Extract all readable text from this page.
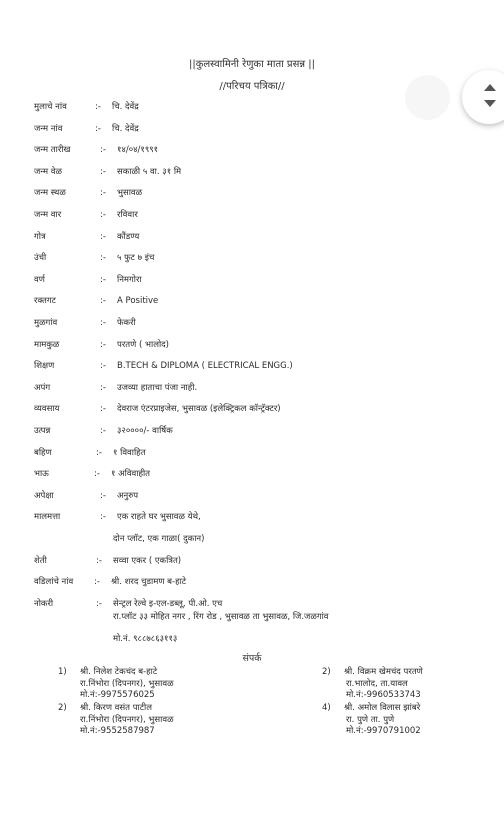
||कुलस्वामिनी रेणुका माता प्रसन्न ||
//परिचय पत्रिका//
मुलाचे नांव	:- चि. देवेंद्र
जन्म नांव	:- चि. देवेंद्र
जन्म तारीख	:- १४/०४/१९९१
जन्म वेळ	:- सकाळी ५ वा. ३१ मि
जन्म स्थळ	:- भुसावळ
जन्म वार	:- रविवार
गोत्र	:- कौंडण्य
उंची	:- ५ फुट ७ इंच
वर्ण	:- निमगोरा
रक्तगट	:- A Positive
मुळगांव	:- फेकरी
मामकुळ	:- परतणे ( भालोद)
शिक्षण	:- B.TECH & DIPLOMA ( ELECTRICAL ENGG.)
अपंग	:- उजव्या हाताचा पंजा नाही.
व्यवसाय	:- देवराज एंटरप्राइजेस, भुसावळ (इलेक्ट्रिकल कॉन्ट्रॅक्टर)
उत्पन्न	:- ३२००००/- वार्षिक
बहिण	:- १ विवाहित
भाऊ	:- १ अविवाहीत
अपेक्षा	:- अनुरुप
मालमत्ता	:- एक राहते घर भुसावळ येथे,
दोन प्लॉट, एक गाळा( दुकान)
शेती	:- सव्वा एकर ( एकत्रित)
वडिलांचे नांव :- श्री. शरद चुडामण ब-हाटे
नोकरी	:- सेन्ट्रल रेल्वे इ-एल-डब्लू, पी.ओ. एच
रा.प्लॉट ३३ मोहित नगर , रिंग रोड , भुसावळ ता भुसावळ, जि.जळगांव
मो.नं. ९८८७८६३११३
संपर्क
1) श्री. निलेश टेकचंद ब-हाटे
रा.निंभोरा (दिपनगर), भुसावळ
मो.नं:-9975576025
2) श्री. किरण वसंत पाटील
रा.निंभोरा (दिपनगर), भुसावळ
मो.नं:-9552587987
2) श्री. विक्रम खेमचंद परतणे
रा.भालोद, ता.यावल
मो.नं:-9960533743
4) श्री. अमोल विलास झांबरे
रा. पुणे ता. पुणे
मो.नं:-9970791002
